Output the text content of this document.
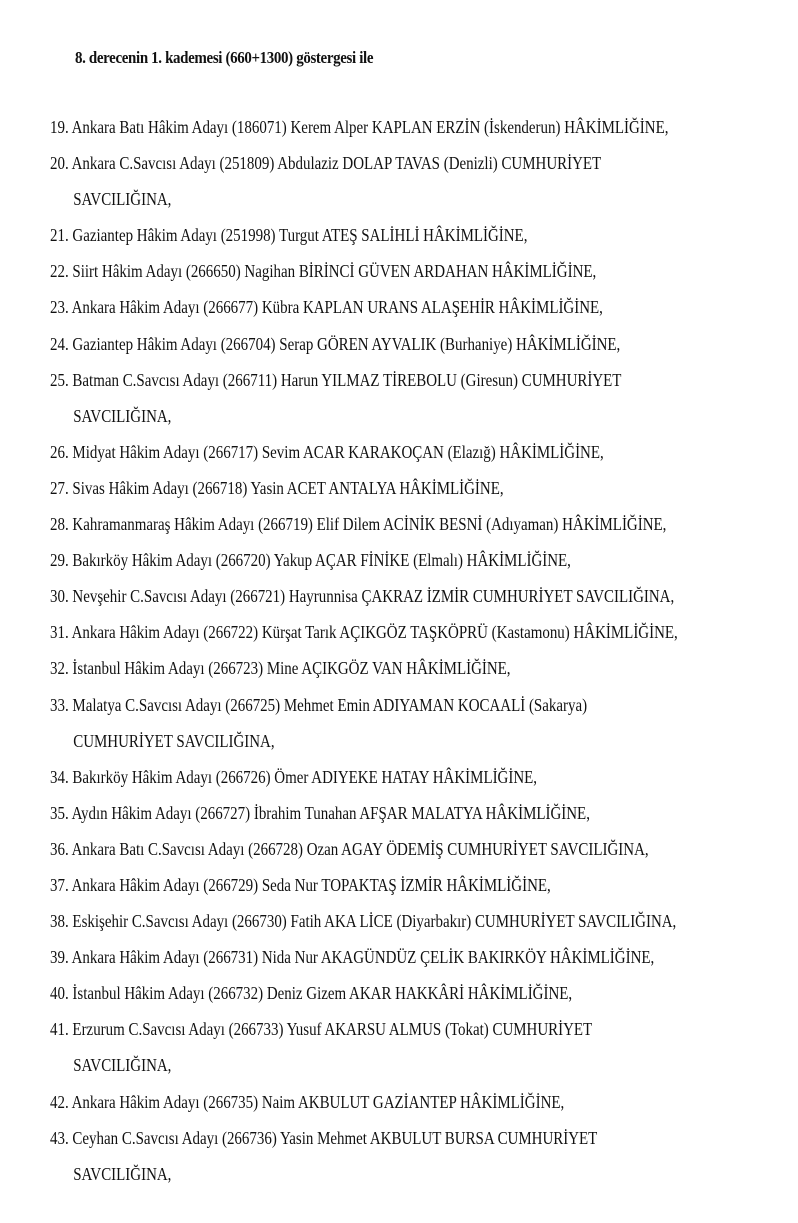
8. derecenin 1. kademesi (660+1300) göstergesi ile
19. Ankara Batı Hâkim Adayı (186071) Kerem Alper KAPLAN ERZİN (İskenderun) HÂKİMLİĞİNE,
20. Ankara C.Savcısı Adayı (251809) Abdulaziz DOLAP TAVAS (Denizli) CUMHURİYET
SAVCILIĞINA,
21. Gaziantep Hâkim Adayı (251998) Turgut ATEŞ SALİHLİ HÂKİMLİĞİNE,
22. Siirt Hâkim Adayı (266650) Nagihan BİRİNCİ GÜVEN ARDAHAN HÂKİMLİĞİNE,
23. Ankara Hâkim Adayı (266677) Kübra KAPLAN URANS ALAŞEHİR HÂKİMLİĞİNE,
24. Gaziantep Hâkim Adayı (266704) Serap GÖREN AYVALIK (Burhaniye) HÂKİMLİĞİNE,
25. Batman C.Savcısı Adayı (266711) Harun YILMAZ TİREBOLU (Giresun) CUMHURİYET
SAVCILIĞINA,
26. Midyat Hâkim Adayı (266717) Sevim ACAR KARAKOÇAN (Elazığ) HÂKİMLİĞİNE,
27. Sivas Hâkim Adayı (266718) Yasin ACET ANTALYA HÂKİMLİĞİNE,
28. Kahramanmaraş Hâkim Adayı (266719) Elif Dilem ACİNİK BESNİ (Adıyaman) HÂKİMLİĞİNE,
29. Bakırköy Hâkim Adayı (266720) Yakup AÇAR FİNİKE (Elmalı) HÂKİMLİĞİNE,
30. Nevşehir C.Savcısı Adayı (266721) Hayrunnisa ÇAKRAZ İZMİR CUMHURİYET SAVCILIĞINA,
31. Ankara Hâkim Adayı (266722) Kürşat Tarık AÇIKGÖZ TAŞKÖPRÜ (Kastamonu) HÂKİMLİĞİNE,
32. İstanbul Hâkim Adayı (266723) Mine AÇIKGÖZ VAN HÂKİMLİĞİNE,
33. Malatya C.Savcısı Adayı (266725) Mehmet Emin ADIYAMAN KOCAALİ (Sakarya)
CUMHURİYET SAVCILIĞINA,
34. Bakırköy Hâkim Adayı (266726) Ömer ADIYEKE HATAY HÂKİMLİĞİNE,
35. Aydın Hâkim Adayı (266727) İbrahim Tunahan AFŞAR MALATYA HÂKİMLİĞİNE,
36. Ankara Batı C.Savcısı Adayı (266728) Ozan AGAY ÖDEMİŞ CUMHURİYET SAVCILIĞINA,
37. Ankara Hâkim Adayı (266729) Seda Nur TOPAKTAŞ İZMİR HÂKİMLİĞİNE,
38. Eskişehir C.Savcısı Adayı (266730) Fatih AKA LİCE (Diyarbakır) CUMHURİYET SAVCILIĞINA,
39. Ankara Hâkim Adayı (266731) Nida Nur AKAGÜNDÜZ ÇELİK BAKIRKÖY HÂKİMLİĞİNE,
40. İstanbul Hâkim Adayı (266732) Deniz Gizem AKAR HAKKÂRİ HÂKİMLİĞİNE,
41. Erzurum C.Savcısı Adayı (266733) Yusuf AKARSU ALMUS (Tokat) CUMHURİYET
SAVCILIĞINA,
42. Ankara Hâkim Adayı (266735) Naim AKBULUT GAZİANTEP HÂKİMLİĞİNE,
43. Ceyhan C.Savcısı Adayı (266736) Yasin Mehmet AKBULUT BURSA CUMHURİYET
SAVCILIĞINA,
